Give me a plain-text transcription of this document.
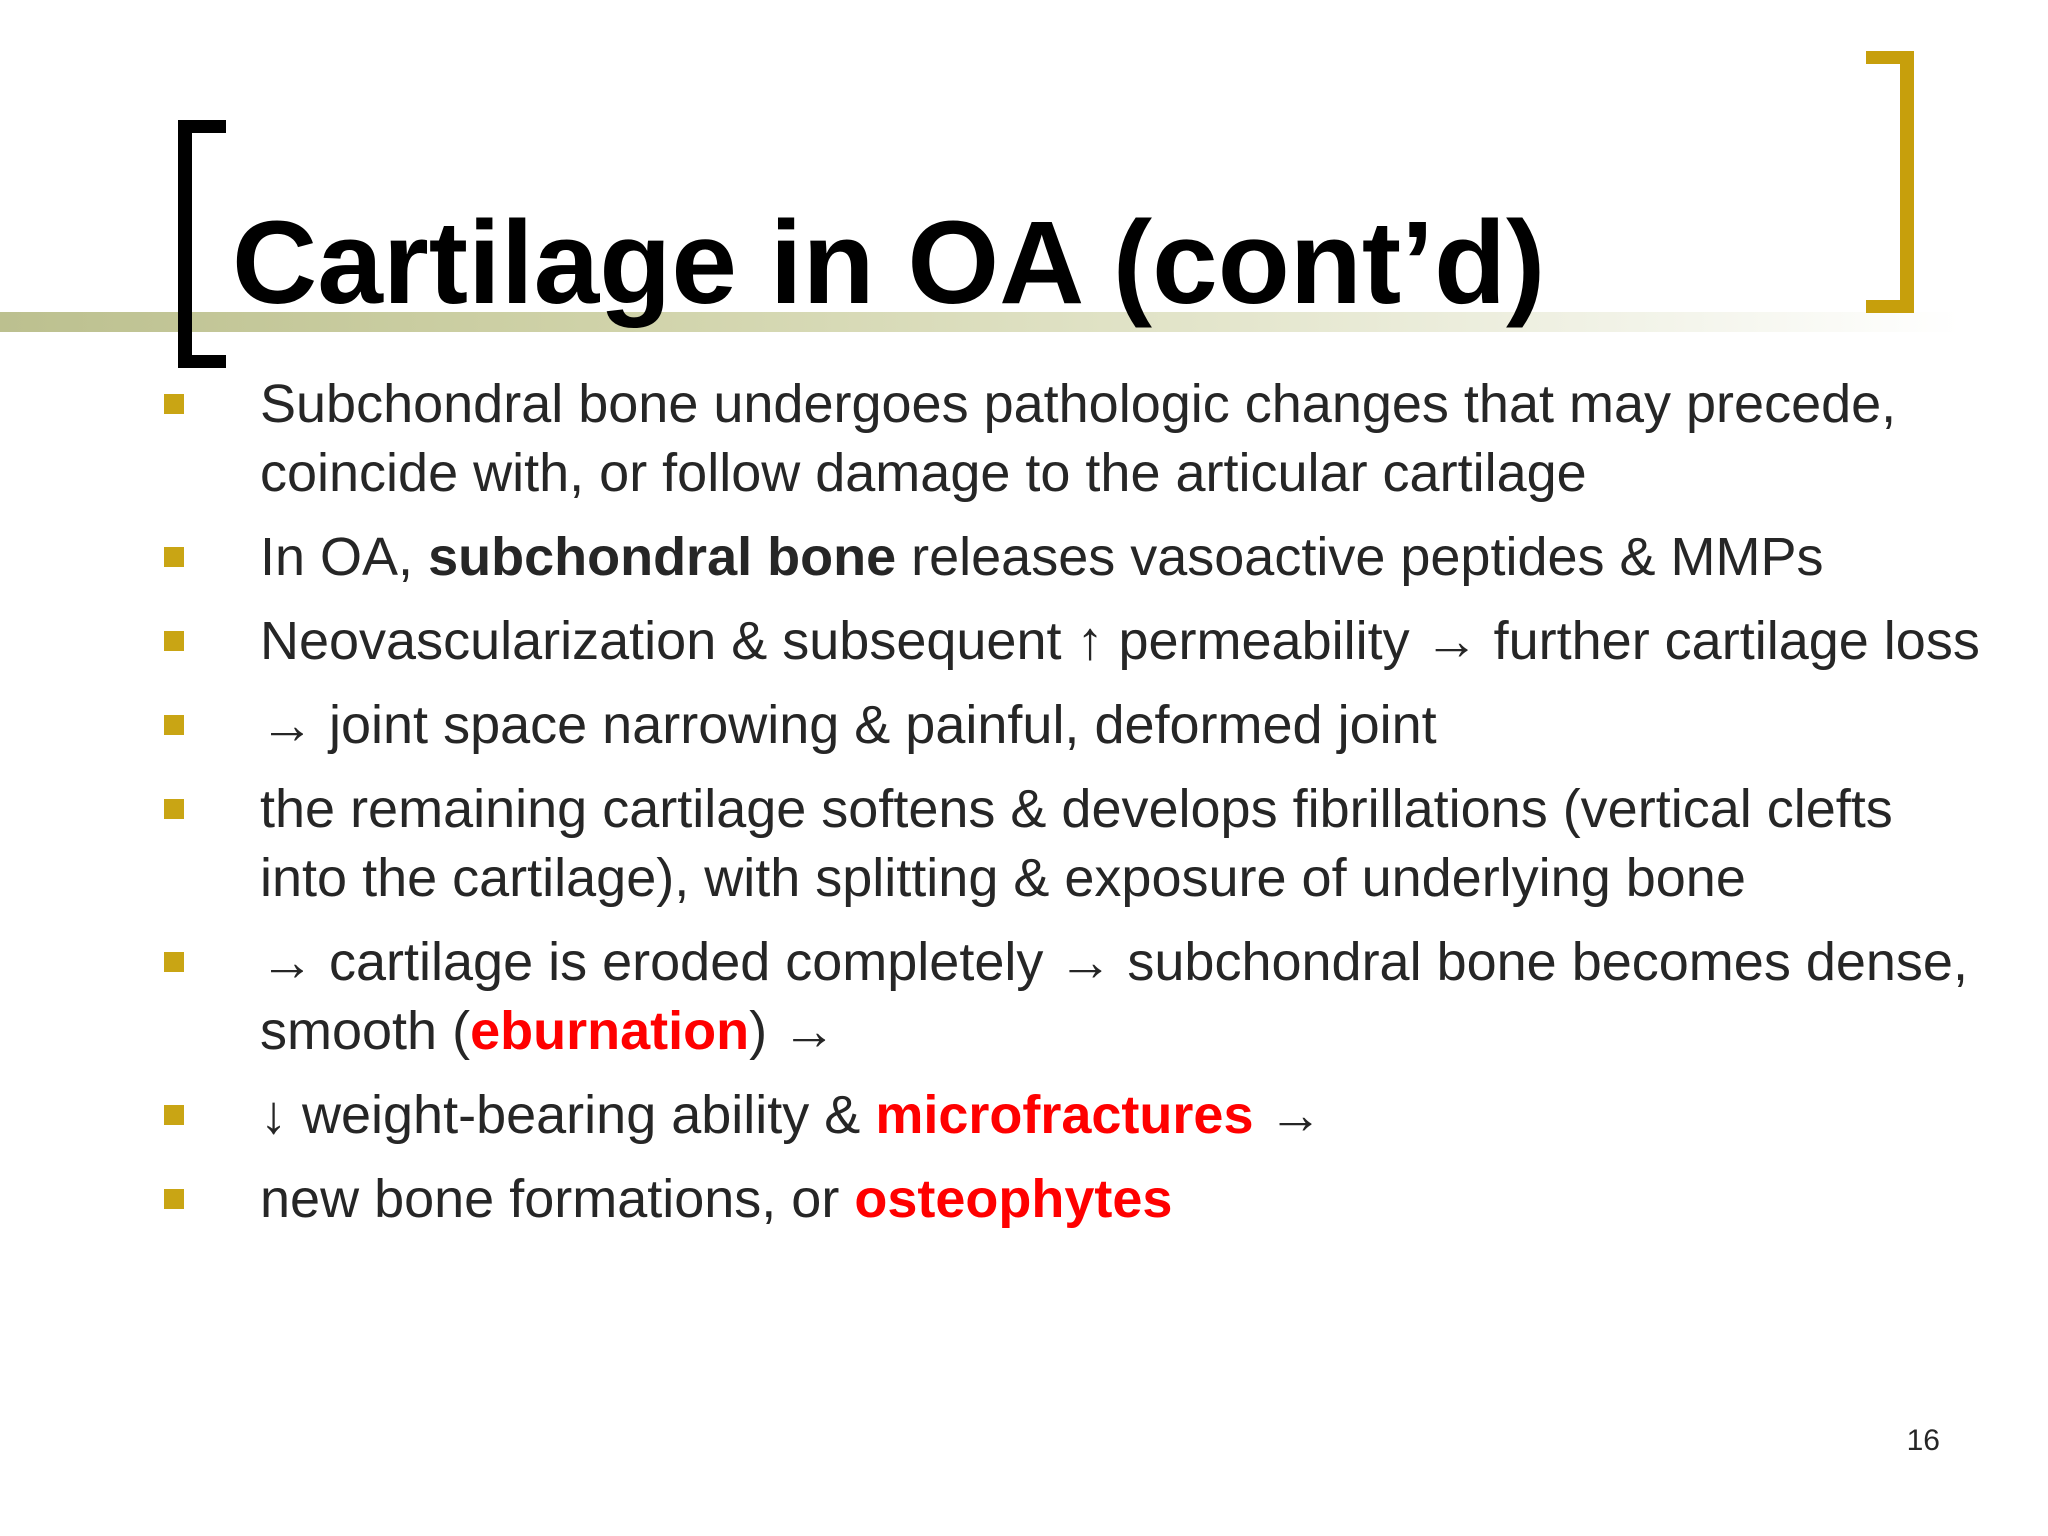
Cartilage in OA (cont’d)
Subchondral bone undergoes pathologic changes that may precede, coincide with, or follow damage to the articular cartilage
In OA, subchondral bone releases vasoactive peptides & MMPs
Neovascularization & subsequent ↑ permeability → further cartilage loss
→ joint space narrowing & painful, deformed joint
the remaining cartilage softens & develops fibrillations (vertical clefts into the cartilage), with splitting & exposure of underlying bone
→ cartilage is eroded completely → subchondral bone becomes dense, smooth (eburnation) →
↓ weight-bearing ability & microfractures →
new bone formations, or osteophytes
16
